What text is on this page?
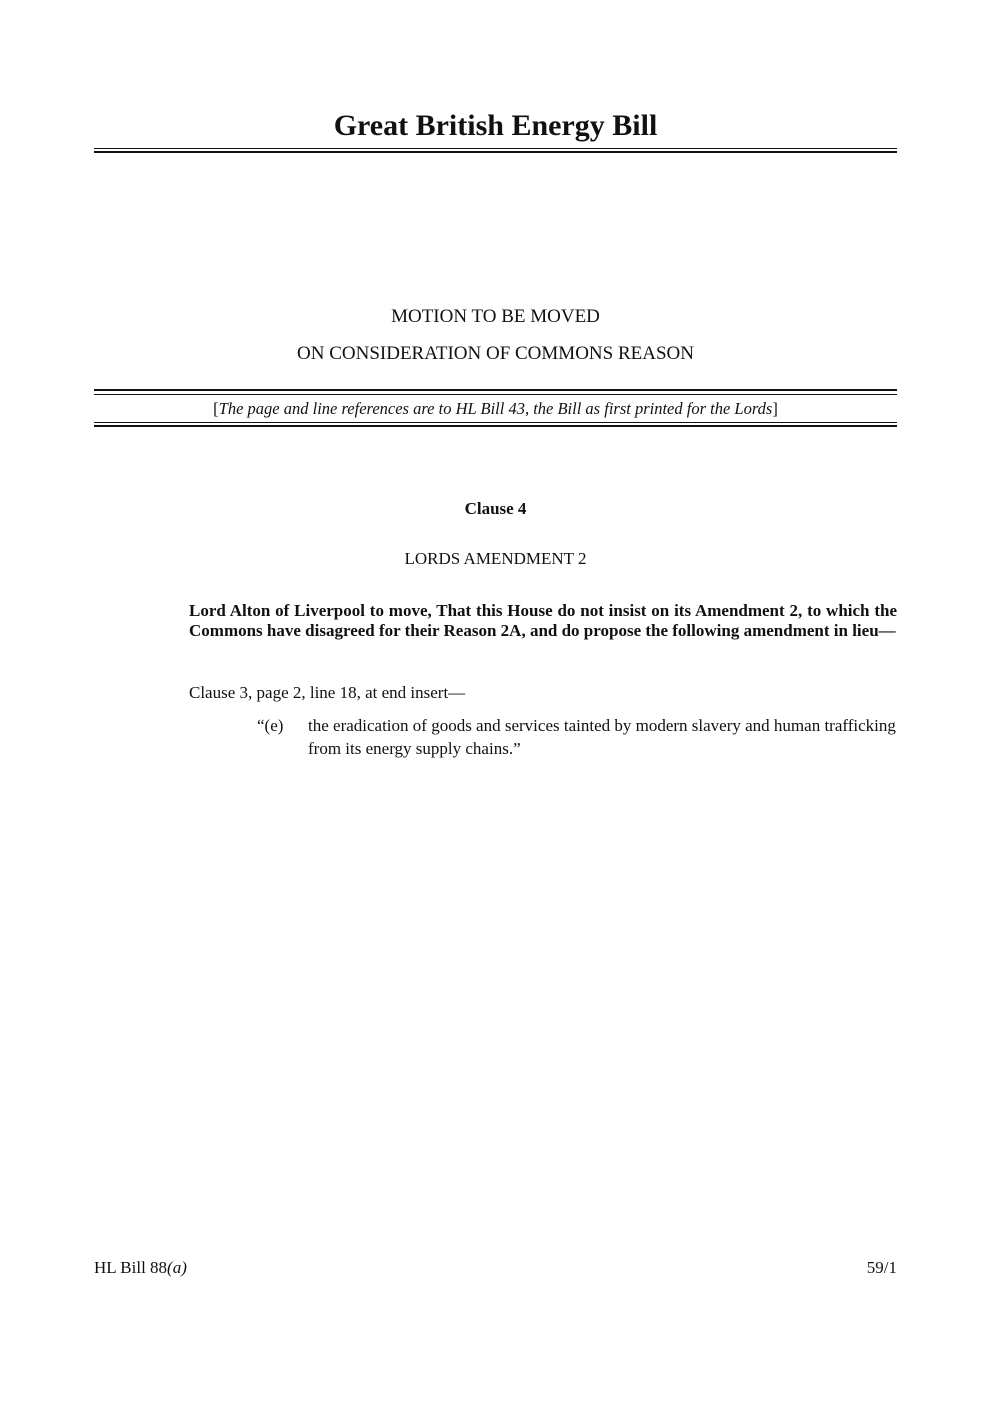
Great British Energy Bill
MOTION TO BE MOVED
ON CONSIDERATION OF COMMONS REASON
[The page and line references are to HL Bill 43, the Bill as first printed for the Lords]
Clause 4
LORDS AMENDMENT 2
Lord Alton of Liverpool to move, That this House do not insist on its Amendment 2, to which the Commons have disagreed for their Reason 2A, and do propose the following amendment in lieu—
Clause 3, page 2, line 18, at end insert—
“(e) the eradication of goods and services tainted by modern slavery and human trafficking from its energy supply chains.”
HL Bill 88(a)	59/1
